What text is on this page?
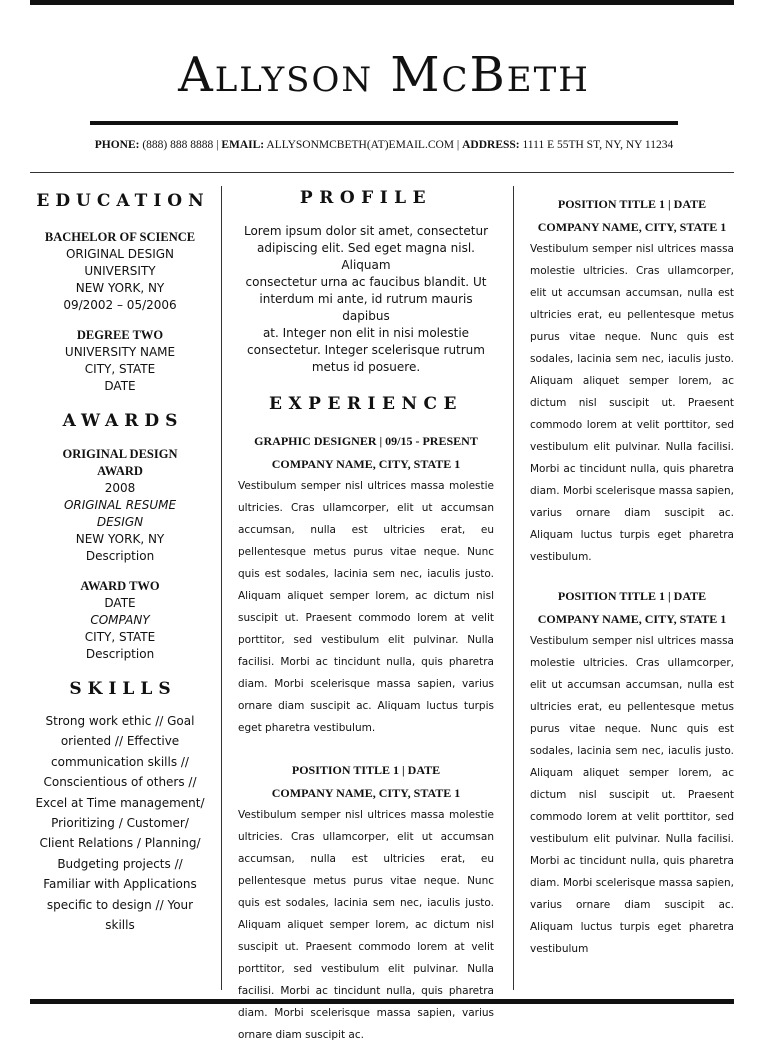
Allyson McBeth
PHONE: (888) 888 8888 | EMAIL: ALLYSONMCBETH(AT)EMAIL.COM | ADDRESS: 1111 E 55TH ST, NY, NY 11234
EDUCATION
BACHELOR OF SCIENCE
ORIGINAL DESIGN
UNIVERSITY
NEW YORK, NY
09/2002 – 05/2006
DEGREE TWO
UNIVERSITY NAME
CITY, STATE
DATE
AWARDS
ORIGINAL DESIGN
AWARD
2008
ORIGINAL RESUME
DESIGN
NEW YORK, NY
Description
AWARD TWO
DATE
COMPANY
CITY, STATE
Description
SKILLS
Strong work ethic // Goal
oriented // Effective
communication skills //
Conscientious of others //
Excel at Time management/
Prioritizing / Customer/
Client Relations / Planning/
Budgeting projects //
Familiar with Applications
specific to design // Your
skills
PROFILE
Lorem ipsum dolor sit amet, consectetur
adipiscing elit. Sed eget magna nisl. Aliquam
consectetur urna ac faucibus blandit. Ut
interdum mi ante, id rutrum mauris dapibus
at. Integer non elit in nisi molestie
consectetur. Integer scelerisque rutrum
metus id posuere.
EXPERIENCE
GRAPHIC DESIGNER | 09/15 - PRESENT
COMPANY NAME, CITY, STATE 1
Vestibulum semper nisl ultrices massa molestie ultricies. Cras ullamcorper, elit ut accumsan accumsan, nulla est ultricies erat, eu pellentesque metus purus vitae neque. Nunc quis est sodales, lacinia sem nec, iaculis justo. Aliquam aliquet semper lorem, ac dictum nisl suscipit ut. Praesent commodo lorem at velit porttitor, sed vestibulum elit pulvinar. Nulla facilisi. Morbi ac tincidunt nulla, quis pharetra diam. Morbi scelerisque massa sapien, varius ornare diam suscipit ac. Aliquam luctus turpis eget pharetra vestibulum.
POSITION TITLE 1 | DATE
COMPANY NAME, CITY, STATE 1
Vestibulum semper nisl ultrices massa molestie ultricies. Cras ullamcorper, elit ut accumsan accumsan, nulla est ultricies erat, eu pellentesque metus purus vitae neque. Nunc quis est sodales, lacinia sem nec, iaculis justo. Aliquam aliquet semper lorem, ac dictum nisl suscipit ut. Praesent commodo lorem at velit porttitor, sed vestibulum elit pulvinar. Nulla facilisi. Morbi ac tincidunt nulla, quis pharetra diam. Morbi scelerisque massa sapien, varius ornare diam suscipit ac.
POSITION TITLE 1 | DATE
COMPANY NAME, CITY, STATE 1
Vestibulum semper nisl ultrices massa molestie ultricies. Cras ullamcorper, elit ut accumsan accumsan, nulla est ultricies erat, eu pellentesque metus purus vitae neque. Nunc quis est sodales, lacinia sem nec, iaculis justo. Aliquam aliquet semper lorem, ac dictum nisl suscipit ut. Praesent commodo lorem at velit porttitor, sed vestibulum elit pulvinar. Nulla facilisi. Morbi ac tincidunt nulla, quis pharetra diam. Morbi scelerisque massa sapien, varius ornare diam suscipit ac. Aliquam luctus turpis eget pharetra vestibulum.
POSITION TITLE 1 | DATE
COMPANY NAME, CITY, STATE 1
Vestibulum semper nisl ultrices massa molestie ultricies. Cras ullamcorper, elit ut accumsan accumsan, nulla est ultricies erat, eu pellentesque metus purus vitae neque. Nunc quis est sodales, lacinia sem nec, iaculis justo. Aliquam aliquet semper lorem, ac dictum nisl suscipit ut. Praesent commodo lorem at velit porttitor, sed vestibulum elit pulvinar. Nulla facilisi. Morbi ac tincidunt nulla, quis pharetra diam. Morbi scelerisque massa sapien, varius ornare diam suscipit ac. Aliquam luctus turpis eget pharetra vestibulum
